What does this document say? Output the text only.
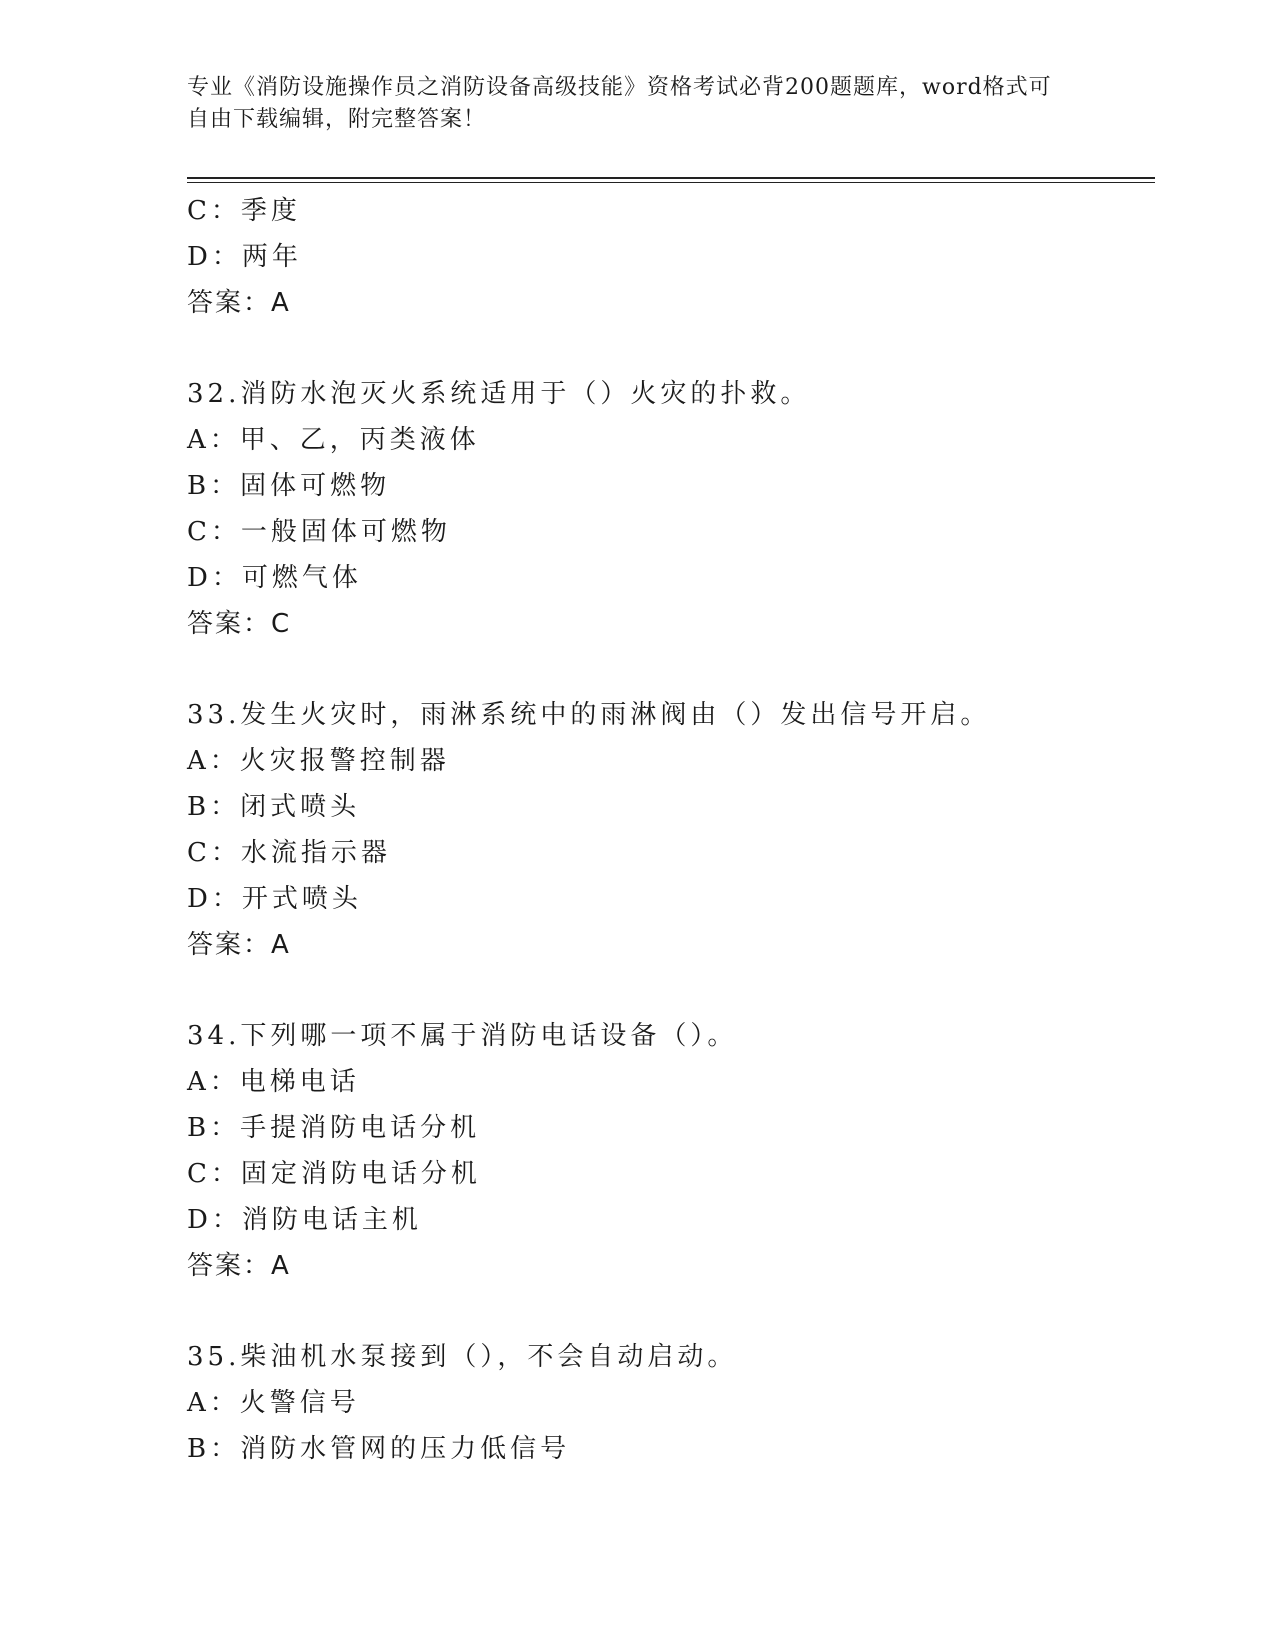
专业《消防设施操作员之消防设备高级技能》资格考试必背200题题库，word格式可自由下载编辑，附完整答案！
C：季度
D：两年
答案：A
32.消防水泡灭火系统适用于（）火灾的扑救。
A：甲、乙，丙类液体
B：固体可燃物
C：一般固体可燃物
D：可燃气体
答案：C
33.发生火灾时，雨淋系统中的雨淋阀由（）发出信号开启。
A：火灾报警控制器
B：闭式喷头
C：水流指示器
D：开式喷头
答案：A
34.下列哪一项不属于消防电话设备（）。
A：电梯电话
B：手提消防电话分机
C：固定消防电话分机
D：消防电话主机
答案：A
35.柴油机水泵接到（），不会自动启动。
A：火警信号
B：消防水管网的压力低信号
